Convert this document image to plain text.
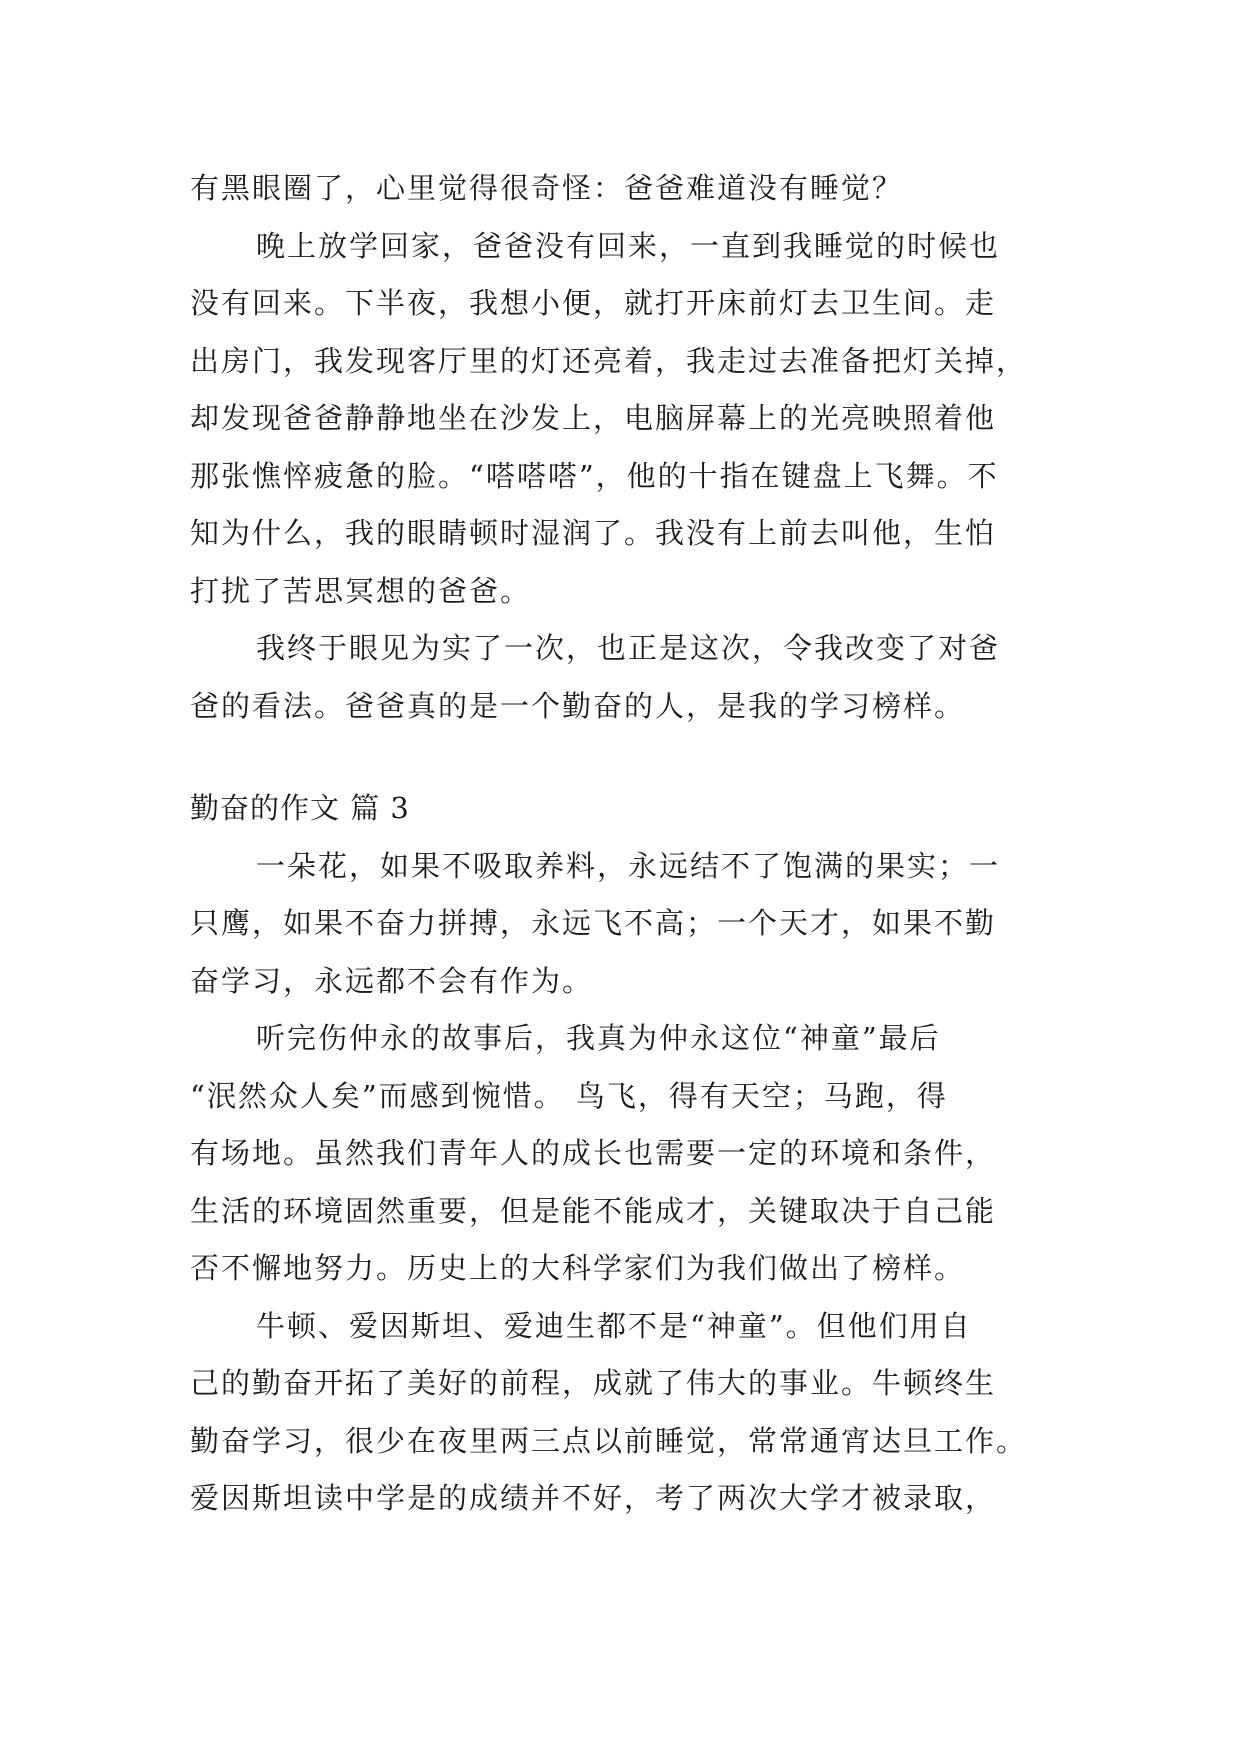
有黑眼圈了，心里觉得很奇怪：爸爸难道没有睡觉？
晚上放学回家，爸爸没有回来，一直到我睡觉的时候也
没有回来。下半夜，我想小便，就打开床前灯去卫生间。走
出房门，我发现客厅里的灯还亮着，我走过去准备把灯关掉，
却发现爸爸静静地坐在沙发上，电脑屏幕上的光亮映照着他
那张憔悴疲惫的脸。“嗒嗒嗒”，他的十指在键盘上飞舞。不
知为什么，我的眼睛顿时湿润了。我没有上前去叫他，生怕
打扰了苦思冥想的爸爸。
我终于眼见为实了一次，也正是这次，令我改变了对爸
爸的看法。爸爸真的是一个勤奋的人，是我的学习榜样。
勤奋的作文 篇 3
一朵花，如果不吸取养料，永远结不了饱满的果实；一
只鹰，如果不奋力拼搏，永远飞不高；一个天才，如果不勤
奋学习，永远都不会有作为。
听完伤仲永的故事后，我真为仲永这位“神童”最后
“泯然众人矣”而感到惋惜。 鸟飞，得有天空；马跑，得
有场地。虽然我们青年人的成长也需要一定的环境和条件，
生活的环境固然重要，但是能不能成才，关键取决于自己能
否不懈地努力。历史上的大科学家们为我们做出了榜样。
牛顿、爱因斯坦、爱迪生都不是“神童”。但他们用自
己的勤奋开拓了美好的前程，成就了伟大的事业。牛顿终生
勤奋学习，很少在夜里两三点以前睡觉，常常通宵达旦工作。
爱因斯坦读中学是的成绩并不好，考了两次大学才被录取，
